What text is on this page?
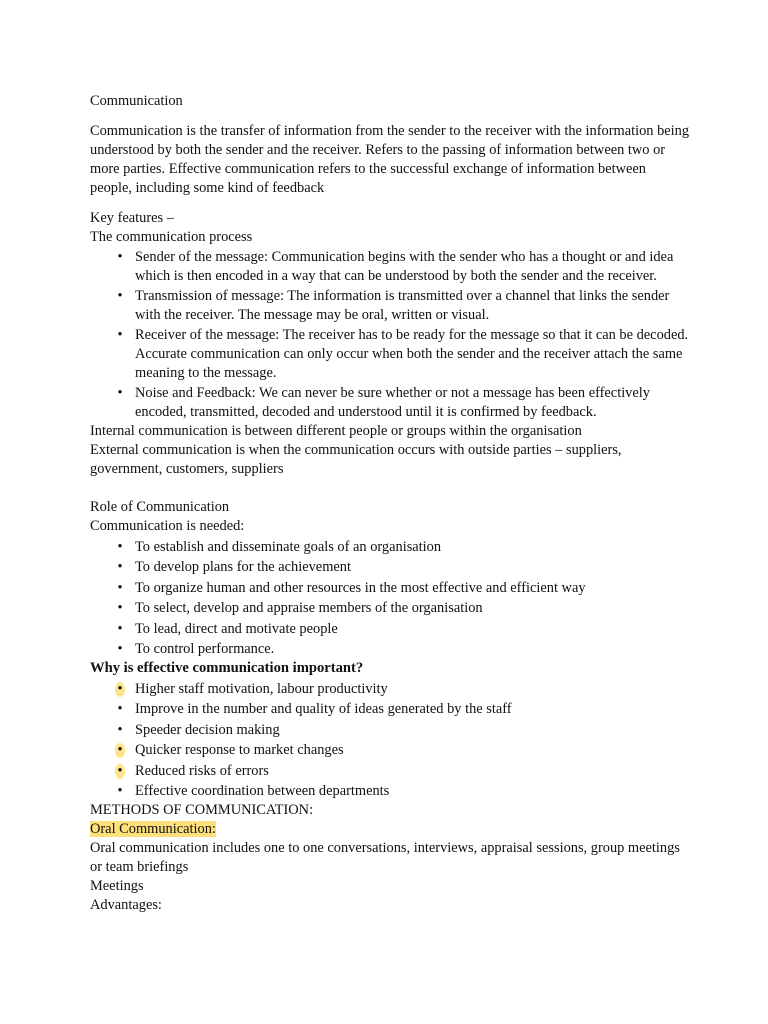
Communication

Communication is the transfer of information from the sender to the receiver with the information being understood by both the sender and the receiver. Refers to the passing of information between two or more parties. Effective communication refers to the successful exchange of information between people, including some kind of feedback

Key features –

The communication process

• Sender of the message: Communication begins with the sender who has a thought or and idea which is then encoded in a way that can be understood by both the sender and the receiver.
• Transmission of message: The information is transmitted over a channel that links the sender with the receiver. The message may be oral, written or visual.
• Receiver of the message: The receiver has to be ready for the message so that it can be decoded. Accurate communication can only occur when both the sender and the receiver attach the same meaning to the message.
• Noise and Feedback: We can never be sure whether or not a message has been effectively encoded, transmitted, decoded and understood until it is confirmed by feedback.

Internal communication is between different people or groups within the organisation

External communication is when the communication occurs with outside parties – suppliers, government, customers, suppliers

Role of Communication

Communication is needed:

• To establish and disseminate goals of an organisation
• To develop plans for the achievement
• To organize human and other resources in the most effective and efficient way
• To select, develop and appraise members of the organisation
• To lead, direct and motivate people
• To control performance.

Why is effective communication important?

• Higher staff motivation, labour productivity
• Improve in the number and quality of ideas generated by the staff
• Speeder decision making
• Quicker response to market changes
• Reduced risks of errors
• Effective coordination between departments

METHODS OF COMMUNICATION:

Oral Communication:

Oral communication includes one to one conversations, interviews, appraisal sessions, group meetings or team briefings

Meetings

Advantages:
